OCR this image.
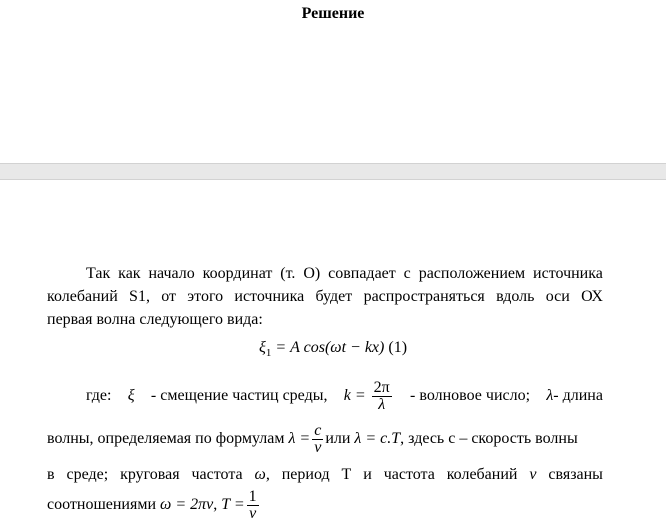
Решение
Так как начало координат (т. О) совпадает с расположением источника
колебаний S1, от этого источника будет распространяться вдоль оси ОХ
первая волна следующего вида:
$\xi_1 = A$ cos(ωt − kx) (1)
где: ξ - смещение частиц среды, $k = \frac{2\pi}{\lambda}$ - волновое число; λ- длина
волны, определяемая по формулам
$\lambda = \frac{c}{\nu}$ или
λ = c.T , здесь с – скорость волны
в среде; круговая частота ω, период Т и частота колебаний ν связаны
соотношениями
ω = 2πν ,
$T = \frac{1}{\nu}$
